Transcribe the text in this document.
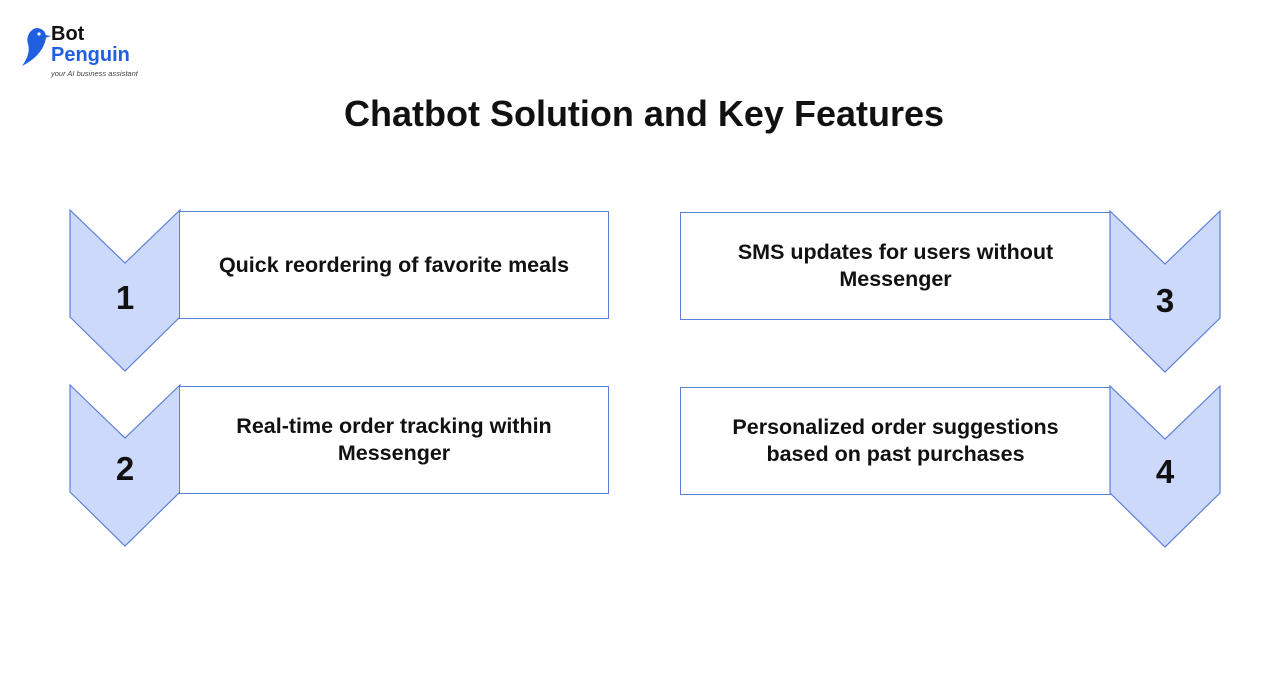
Bot
Penguin
your AI business assistant
Chatbot Solution and Key Features
Quick reordering of favorite meals
1
Real-time order tracking within Messenger
2
SMS updates for users without Messenger
3
Personalized order suggestions based on past purchases	4
